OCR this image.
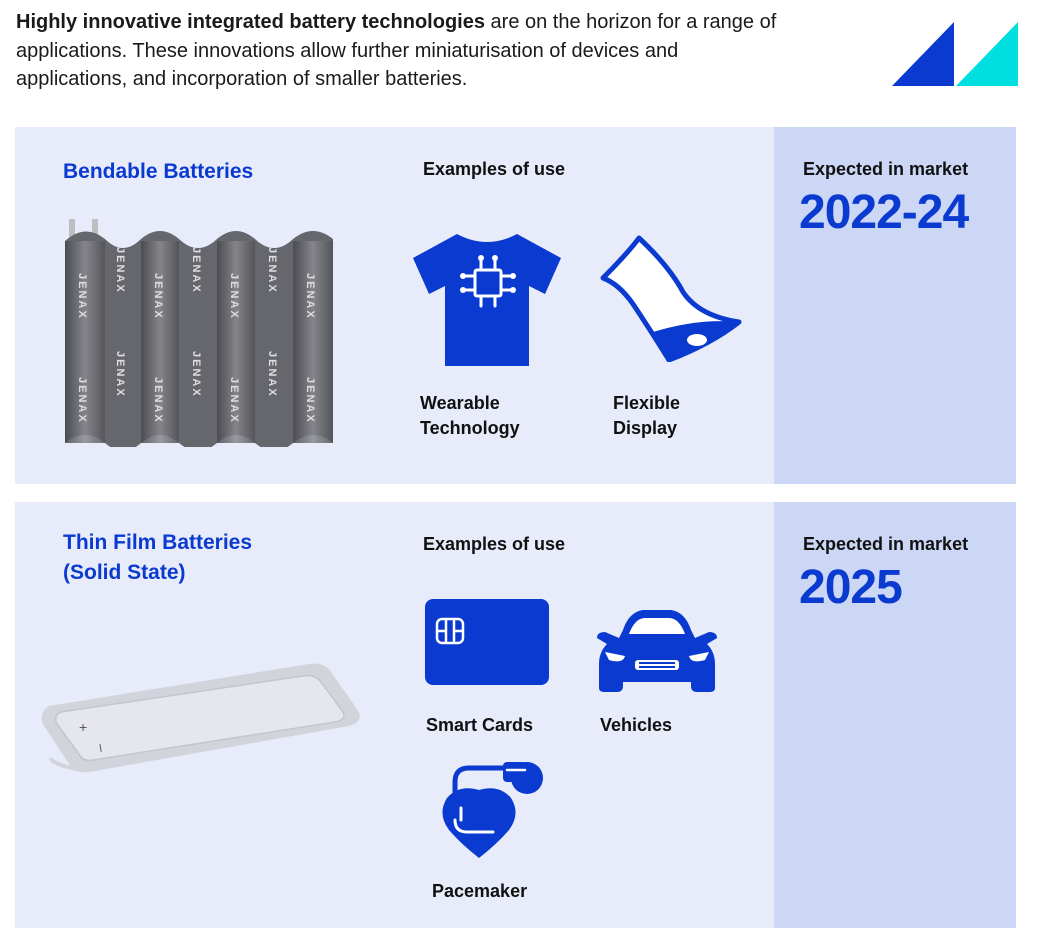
Highly innovative integrated battery technologies are on the horizon for a range of applications. These innovations allow further miniaturisation of devices and applications, and incorporation of smaller batteries.

Bendable Batteries
JENAX
JENAX
JENAX
JENAX
JENAX
JENAX
JENAX
JENAX
JENAX
JENAX
JENAX
JENAX
JENAX
JENAX
Examples of use
Wearable
Technology
Flexible
Display
Expected in market
2022-24
Thin Film Batteries
(Solid State)
+
–
Examples of use
Smart Cards	Vehicles
Pacemaker
Expected in market
2025
